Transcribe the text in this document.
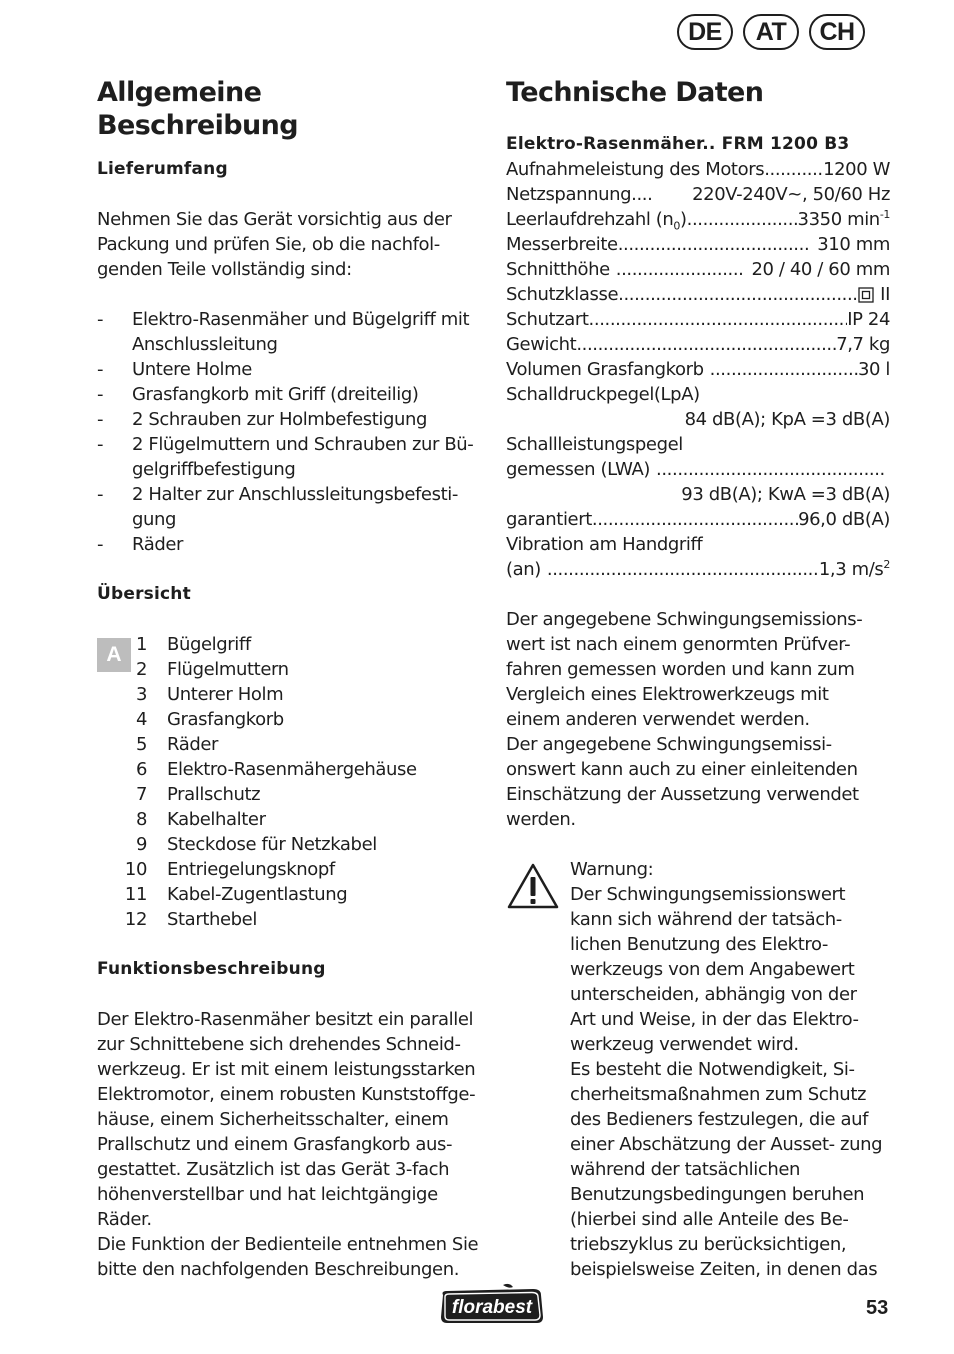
DE	AT	CH
Allgemeine
Beschreibung
Lieferumfang

Nehmen Sie das Gerät vorsichtig aus der Packung und prüfen Sie, ob die nachfol- genden Teile vollständig sind:

- Elektro-Rasenmäher und Bügelgriff mit Anschlussleitung
- Untere Holme
- Grasfangkorb mit Griff (dreiteilig)
- 2 Schrauben zur Holmbefestigung
- 2 Flügelmuttern und Schrauben zur Bü- gelgriffbefestigung
- 2 Halter zur Anschlussleitungsbefesti- gung
- Räder
Übersicht
A 1	Bügelgriff
2	Flügelmuttern
3	Unterer Holm
4	Grasfangkorb
5	Räder
6	Elektro-Rasenmähergehäuse
7	Prallschutz
8	Kabelhalter
9	Steckdose für Netzkabel
10	Entriegelungsknopf
11	Kabel-Zugentlastung
12	Starthebel
Funktionsbeschreibung

Der Elektro-Rasenmäher besitzt ein parallel zur Schnittebene sich drehendes Schneid- werkzeug. Er ist mit einem leistungsstarken Elektromotor, einem robusten Kunststoffge- häuse, einem Sicherheitsschalter, einem Prallschutz und einem Grasfangkorb aus- gestattet. Zusätzlich ist das Gerät 3-fach höhenverstellbar und hat leichtgängige Räder.

Die Funktion der Bedienteile entnehmen Sie bitte den nachfolgenden Beschreibungen.

Technische Daten
Elektro-Rasenmäher.. FRM 1200 B3
Aufnahmeleistung des Motors .....	1200 W
Netzspannung.... 220V-240V~, 50/60 Hz
Leerlaufdrehzahl $(n_0)$ .....	3350 $\min^{-1}$
Messerbreite .....	310 mm
Schnitthöhe .....	20 / 40 / 60 mm
Schutzklasse .....	II
Schutzart .....	IP 24
Gewicht .....	7,7 kg
Volumen Grasfangkorb .....	30 l
Schalldruckpegel(LpA)
84 dB(A); KpA =3 dB(A)
Schallleistungspegel
gemessen (LWA)
.....
93 dB(A); KwA =3 dB(A)
garantiert .....	96,0 dB(A)
Vibration am Handgriff
(an) .....	1,3 $m/s^2$

Der angegebene Schwingungsemissions- wert ist nach einem genormten Prüfver- fahren gemessen worden und kann zum Vergleich eines Elektrowerkzeugs mit einem anderen verwendet werden.

Der angegebene Schwingungsemissi- onswert kann auch zu einer einleitenden Einschätzung der Aussetzung verwendet werden.

Warnung:

Der Schwingungsemissionswert kann sich während der tatsäch- lichen Benutzung des Elektro- werkzeugs von dem Angabewert unterscheiden, abhängig von der Art und Weise, in der das Elektro- werkzeug verwendet wird.

Es besteht die Notwendigkeit, Si- cherheitsmaßnahmen zum Schutz des Bedieners festzulegen, die auf einer Abschätzung der Ausset- zung während der tatsächlichen Benutzungsbedingungen beruhen (hierbei sind alle Anteile des Be- triebszyklus zu berücksichtigen, beispielsweise Zeiten, in denen das

florabest	53
